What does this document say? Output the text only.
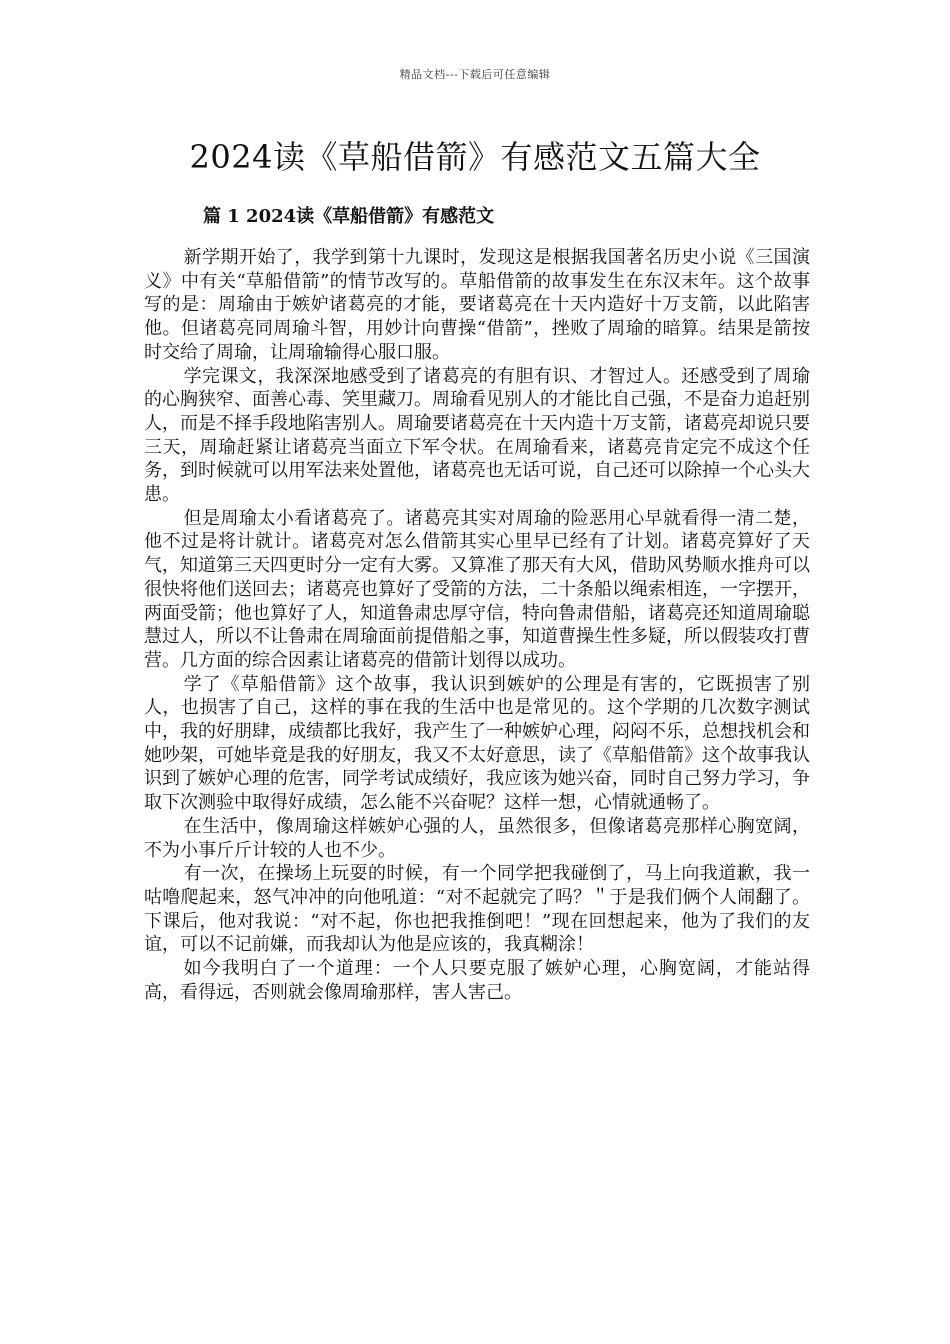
精品文档---下载后可任意编辑
2024读《草船借箭》有感范文五篇大全
篇 1 2024读《草船借箭》有感范文

新学期开始了，我学到第十九课时，发现这是根据我国著名历史小说《三国演义》中有关“草船借箭”的情节改写的。草船借箭的故事发生在东汉末年。这个故事写的是：周瑜由于嫉妒诸葛亮的才能，要诸葛亮在十天内造好十万支箭，以此陷害他。但诸葛亮同周瑜斗智，用妙计向曹操“借箭”，挫败了周瑜的暗算。结果是箭按时交给了周瑜，让周瑜输得心服口服。

学完课文，我深深地感受到了诸葛亮的有胆有识、才智过人。还感受到了周瑜的心胸狭窄、面善心毒、笑里藏刀。周瑜看见别人的才能比自己强，不是奋力追赶别人，而是不择手段地陷害别人。周瑜要诸葛亮在十天内造十万支箭，诸葛亮却说只要三天，周瑜赶紧让诸葛亮当面立下军令状。在周瑜看来，诸葛亮肯定完不成这个任务，到时候就可以用军法来处置他，诸葛亮也无话可说，自己还可以除掉一个心头大患。

但是周瑜太小看诸葛亮了。诸葛亮其实对周瑜的险恶用心早就看得一清二楚，他不过是将计就计。诸葛亮对怎么借箭其实心里早已经有了计划。诸葛亮算好了天气，知道第三天四更时分一定有大雾。又算准了那天有大风，借助风势顺水推舟可以很快将他们送回去；诸葛亮也算好了受箭的方法，二十条船以绳索相连，一字摆开，两面受箭；他也算好了人，知道鲁肃忠厚守信，特向鲁肃借船，诸葛亮还知道周瑜聪慧过人，所以不让鲁肃在周瑜面前提借船之事，知道曹操生性多疑，所以假装攻打曹营。几方面的综合因素让诸葛亮的借箭计划得以成功。

学了《草船借箭》这个故事，我认识到嫉妒的公理是有害的，它既损害了别人，也损害了自己，这样的事在我的生活中也是常见的。这个学期的几次数字测试中，我的好朋肆，成绩都比我好，我产生了一种嫉妒心理，闷闷不乐，总想找机会和她吵架，可她毕竟是我的好朋友，我又不太好意思，读了《草船借箭》这个故事我认识到了嫉妒心理的危害，同学考试成绩好，我应该为她兴奋，同时自己努力学习，争取下次测验中取得好成绩，怎么能不兴奋呢？这样一想，心情就通畅了。

在生活中，像周瑜这样嫉妒心强的人，虽然很多，但像诸葛亮那样心胸宽阔，不为小事斤斤计较的人也不少。

有一次，在操场上玩耍的时候，有一个同学把我碰倒了，马上向我道歉，我一咕噜爬起来，怒气冲冲的向他吼道：“对不起就完了吗？＂于是我们俩个人闹翻了。下课后，他对我说：“对不起，你也把我推倒吧！”现在回想起来，他为了我们的友谊，可以不记前嫌，而我却认为他是应该的，我真糊涂！

如今我明白了一个道理：一个人只要克服了嫉妒心理，心胸宽阔，才能站得高，看得远，否则就会像周瑜那样，害人害己。
